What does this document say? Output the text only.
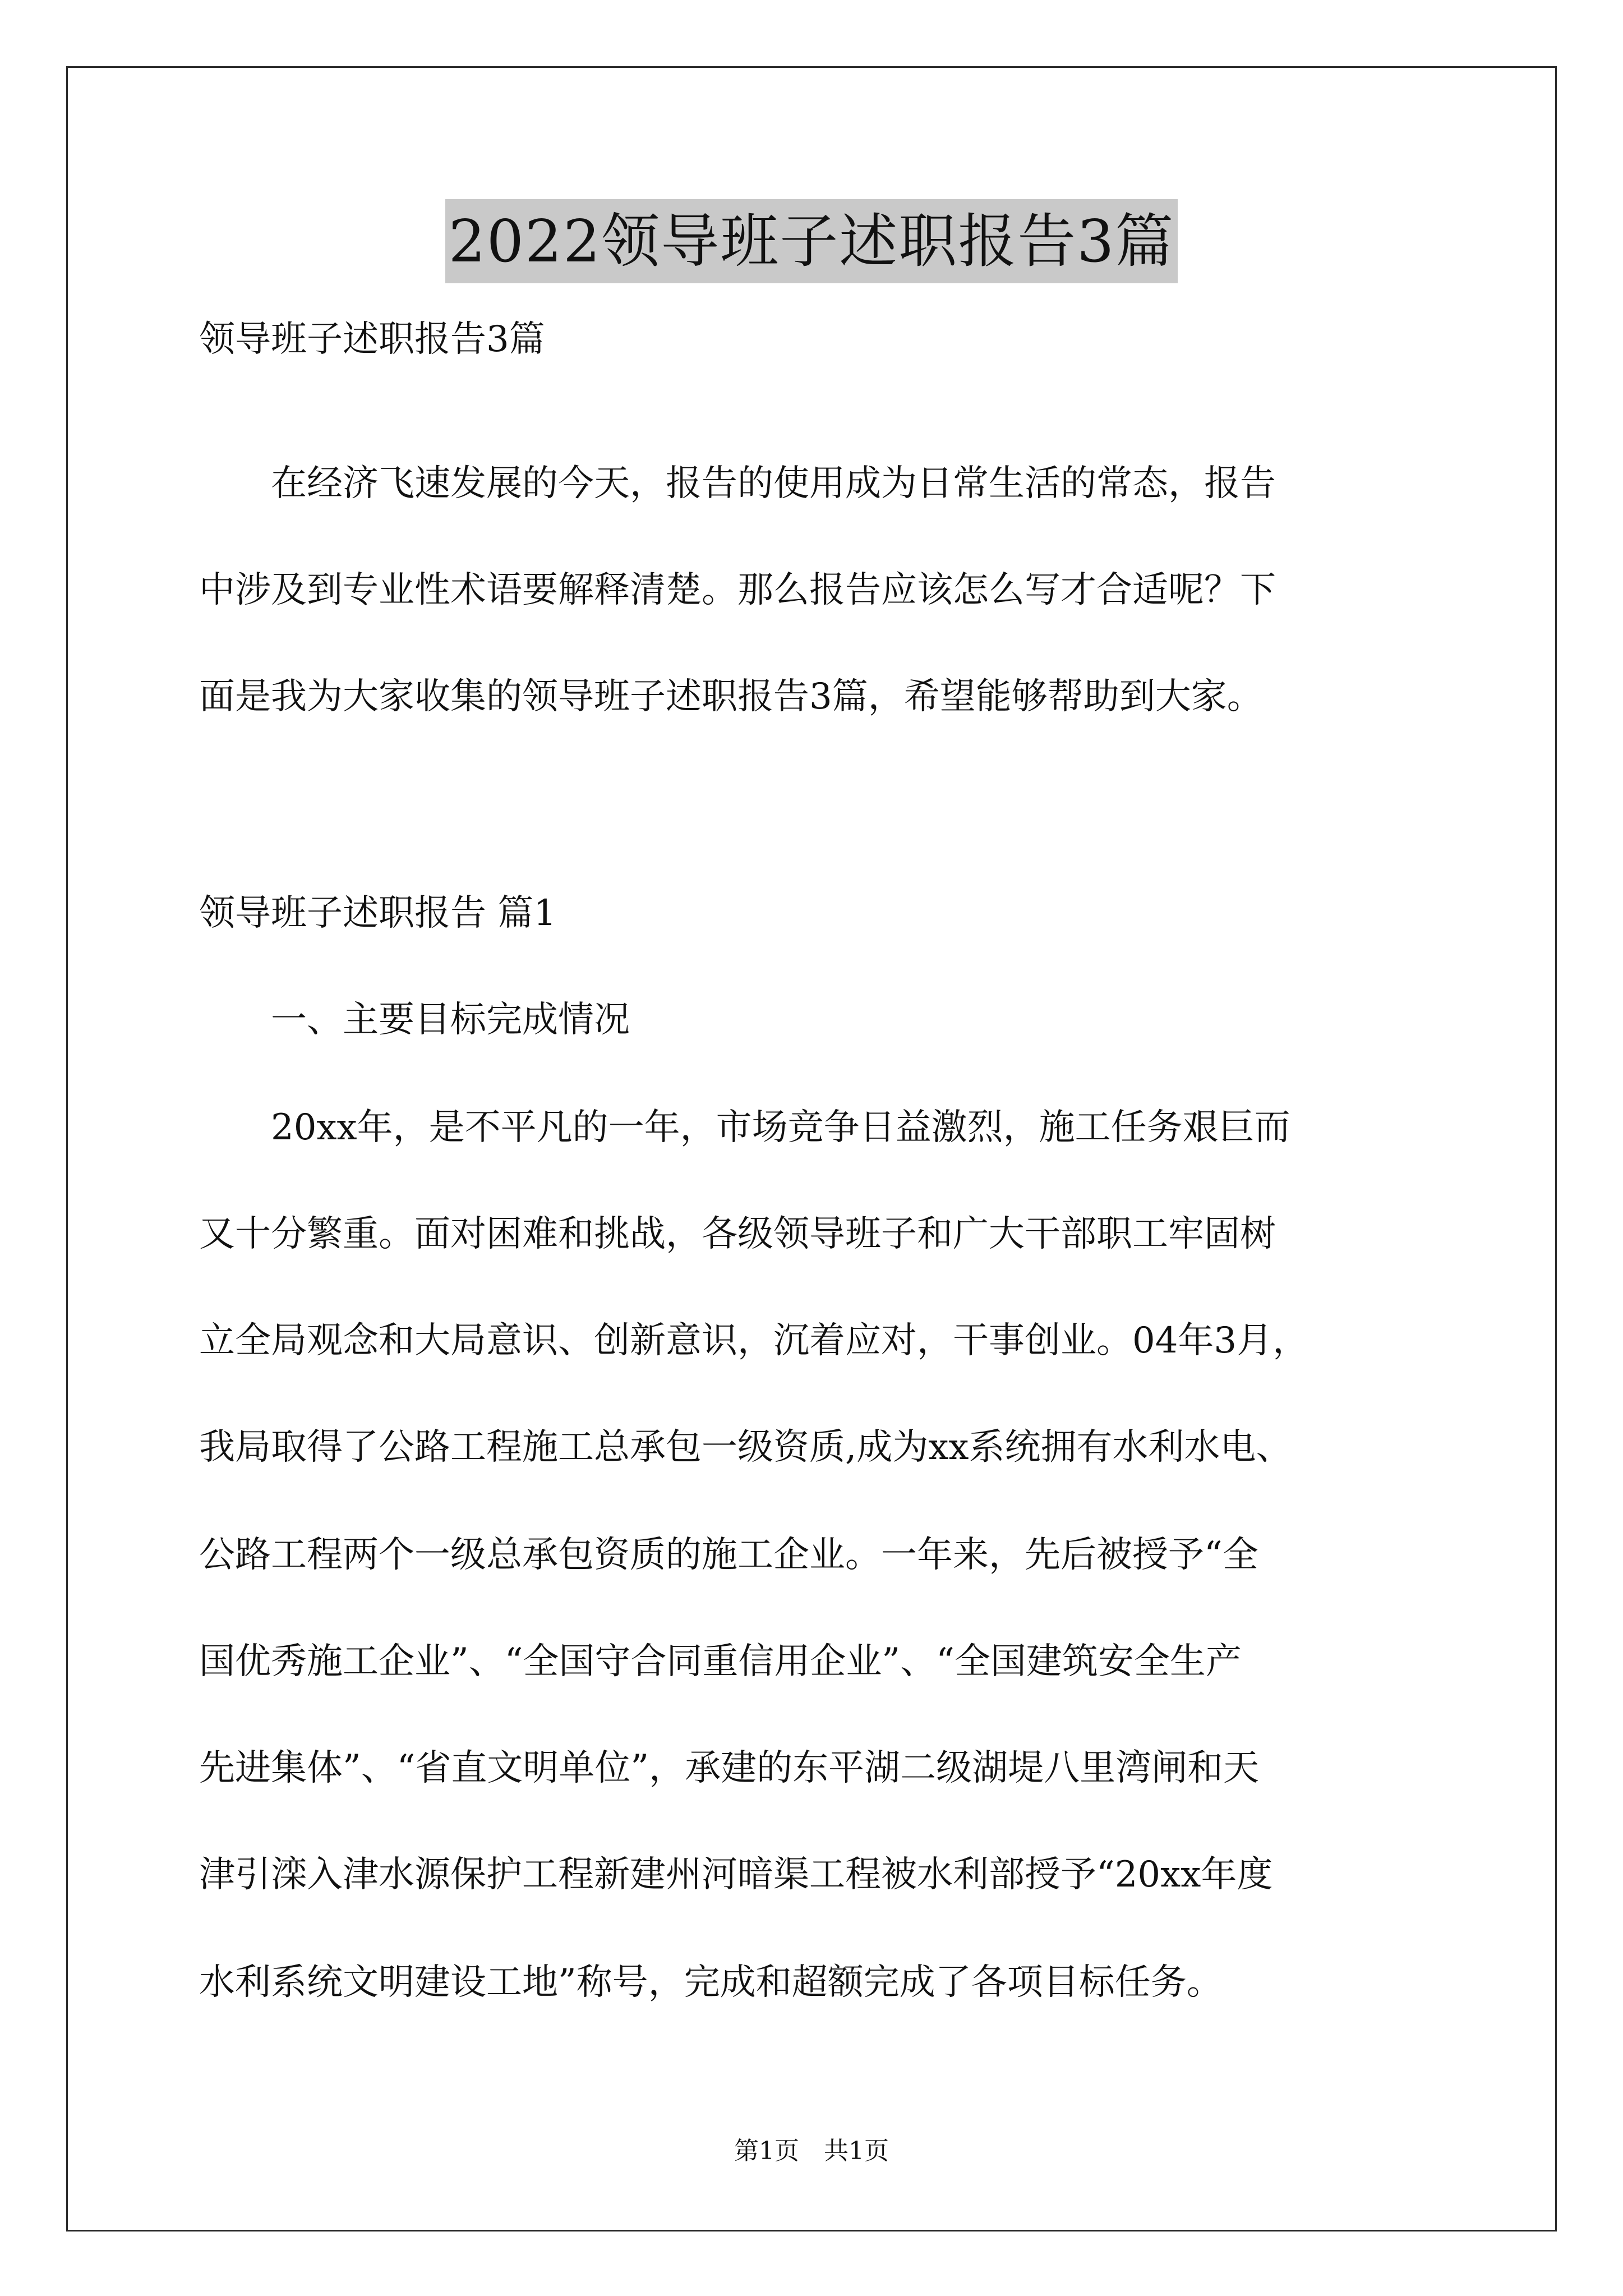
2022领导班子述职报告3篇
领导班子述职报告3篇
　　在经济飞速发展的今天，报告的使用成为日常生活的常态，报告
中涉及到专业性术语要解释清楚。那么报告应该怎么写才合适呢？下
面是我为大家收集的领导班子述职报告3篇，希望能够帮助到大家。
领导班子述职报告 篇1
　　一、主要目标完成情况
　　20xx年，是不平凡的一年，市场竞争日益激烈，施工任务艰巨而
又十分繁重。面对困难和挑战，各级领导班子和广大干部职工牢固树
立全局观念和大局意识、创新意识，沉着应对，干事创业。04年3月，
我局取得了公路工程施工总承包一级资质,成为xx系统拥有水利水电、
公路工程两个一级总承包资质的施工企业。一年来，先后被授予“全
国优秀施工企业”、“全国守合同重信用企业”、“全国建筑安全生产
先进集体”、“省直文明单位”，承建的东平湖二级湖堤八里湾闸和天
津引滦入津水源保护工程新建州河暗渠工程被水利部授予“20xx年度
水利系统文明建设工地”称号，完成和超额完成了各项目标任务。
第1页　共1页
